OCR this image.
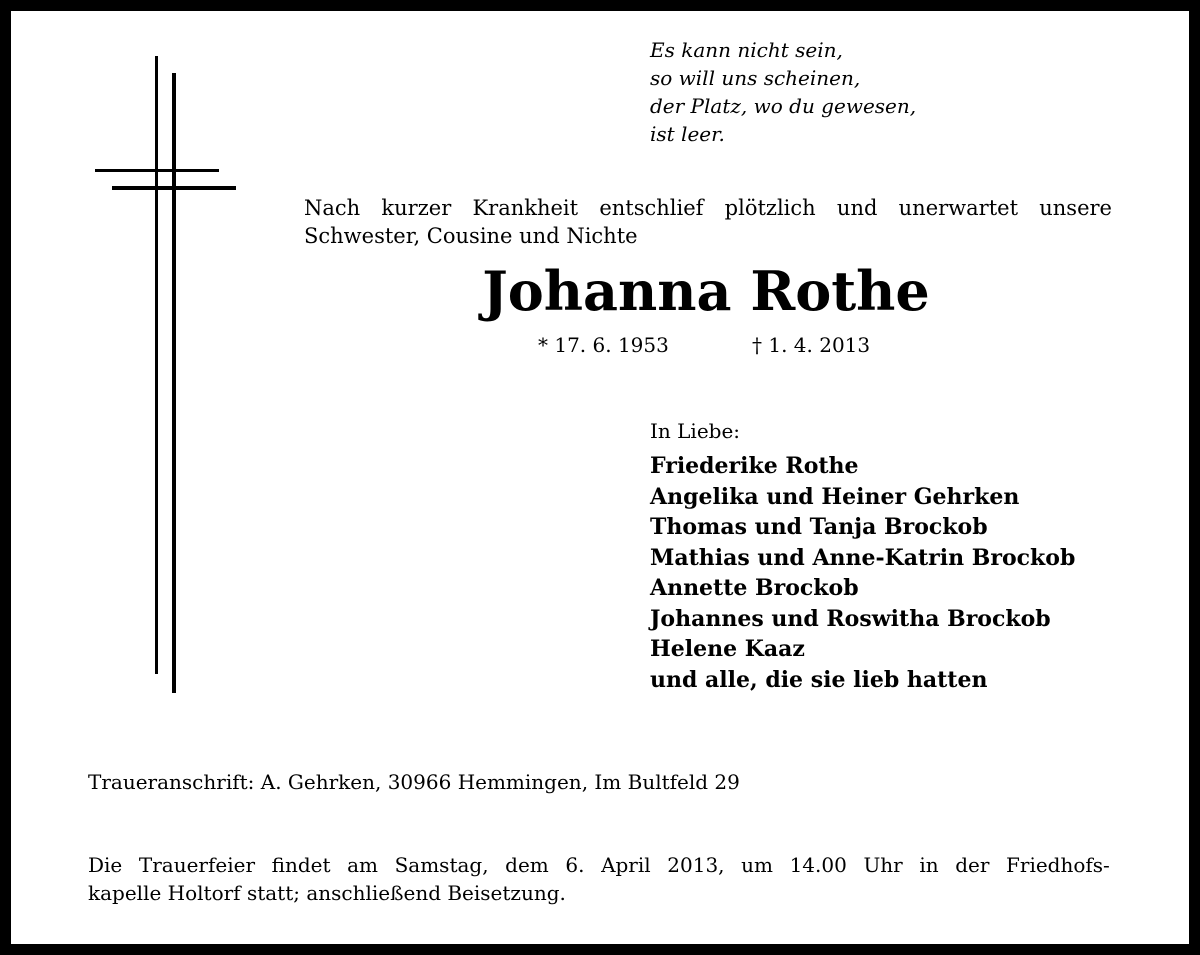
Es kann nicht sein,
so will uns scheinen,
der Platz, wo du gewesen,
ist leer.
Nach kurzer Krankheit entschlief plötzlich und unerwartet unsere
Schwester, Cousine und Nichte
Johanna Rothe
* 17. 6. 1953	† 1. 4. 2013
In Liebe:
Friederike Rothe
Angelika und Heiner Gehrken
Thomas und Tanja Brockob
Mathias und Anne-Katrin Brockob
Annette Brockob
Johannes und Roswitha Brockob
Helene Kaaz
und alle, die sie lieb hatten
Traueranschrift: A. Gehrken, 30966 Hemmingen, Im Bultfeld 29
Die Trauerfeier findet am Samstag, dem 6. April 2013, um 14.00 Uhr in der Friedhofs-
kapelle Holtorf statt; anschließend Beisetzung.
